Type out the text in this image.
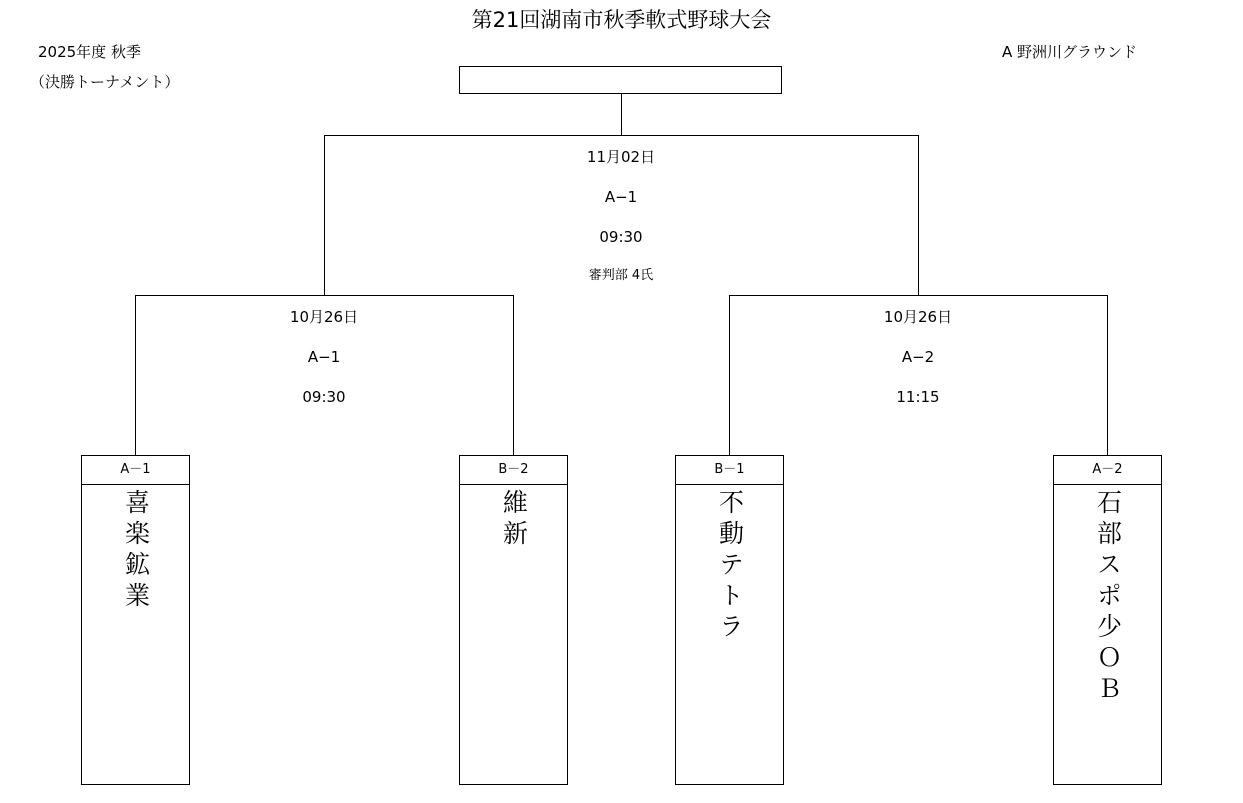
第21回湖南市秋季軟式野球大会
2025年度 秋季
（決勝トーナメント）
A 野洲川グラウンド
11月02日
A−1
09:30
審判部 4氏
10月26日
A−1
09:30
10月26日
A−2
11:15
A－1
喜楽鉱業
B－2
維新
B－1
不動テトラ
A－2
石部スポ少ＯＢ
